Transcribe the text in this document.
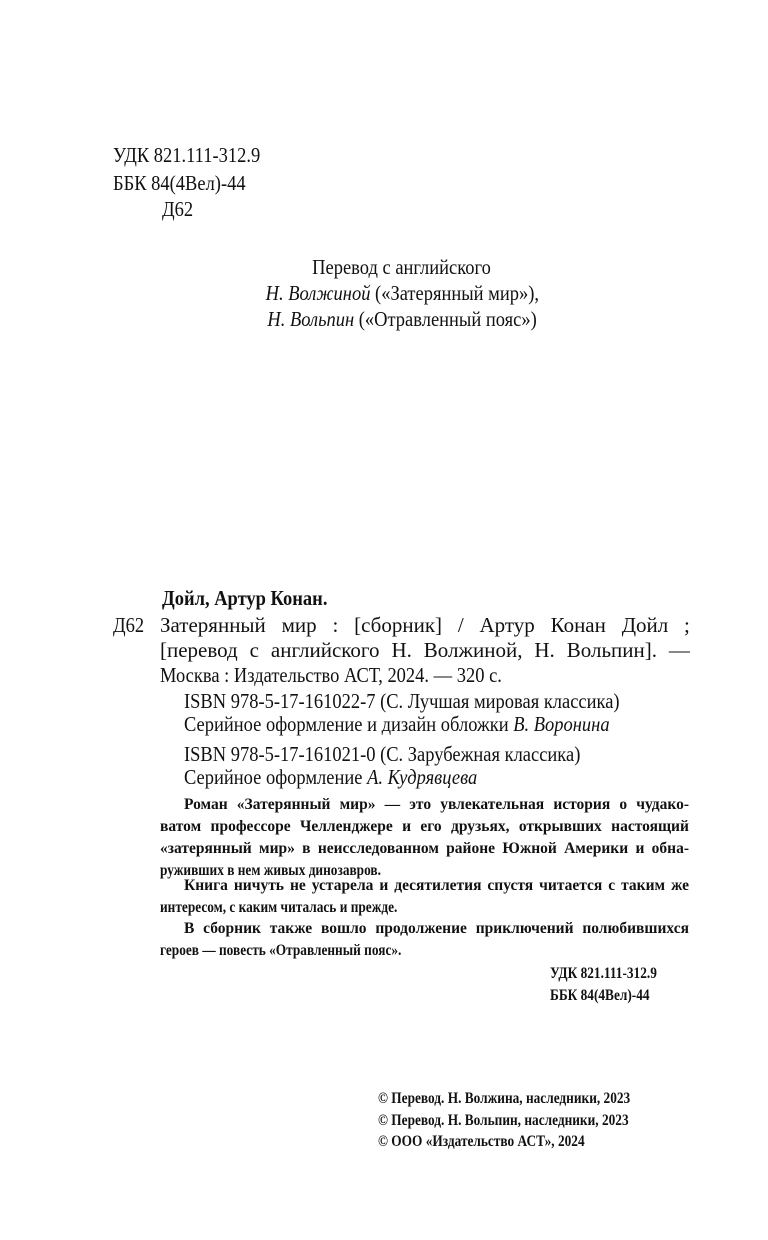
УДК 821.111-312.9
ББК 84(4Вел)-44
Д62
Перевод с английского
Н. Волжиной («Затерянный мир»),
Н. Вольпин («Отравленный пояс»)
Дойл, Артур Конан.
Д62 Затерянный мир : [сборник] / Артур Конан Дойл ;
[перевод с английского Н. Волжиной, Н. Вольпин]. —
Москва : Издательство АСТ, 2024. — 320 с.
ISBN 978-5-17-161022-7 (С. Лучшая мировая классика)
Серийное оформление и дизайн обложки В. Воронина
ISBN 978-5-17-161021-0 (С. Зарубежная классика)
Серийное оформление А. Кудрявцева
Роман «Затерянный мир» — это увлекательная история о чудако-
ватом профессоре Челленджере и его друзьях, открывших настоящий
«затерянный мир» в неисследованном районе Южной Америки и обна-
руживших в нем живых динозавров.
Книга ничуть не устарела и десятилетия спустя читается с таким же
интересом, с каким читалась и прежде.
В сборник также вошло продолжение приключений полюбившихся
героев — повесть «Отравленный пояс».
УДК 821.111-312.9
ББК 84(4Вел)-44
© Перевод. Н. Волжина, наследники, 2023
© Перевод. Н. Вольпин, наследники, 2023
© ООО «Издательство АСТ», 2024
